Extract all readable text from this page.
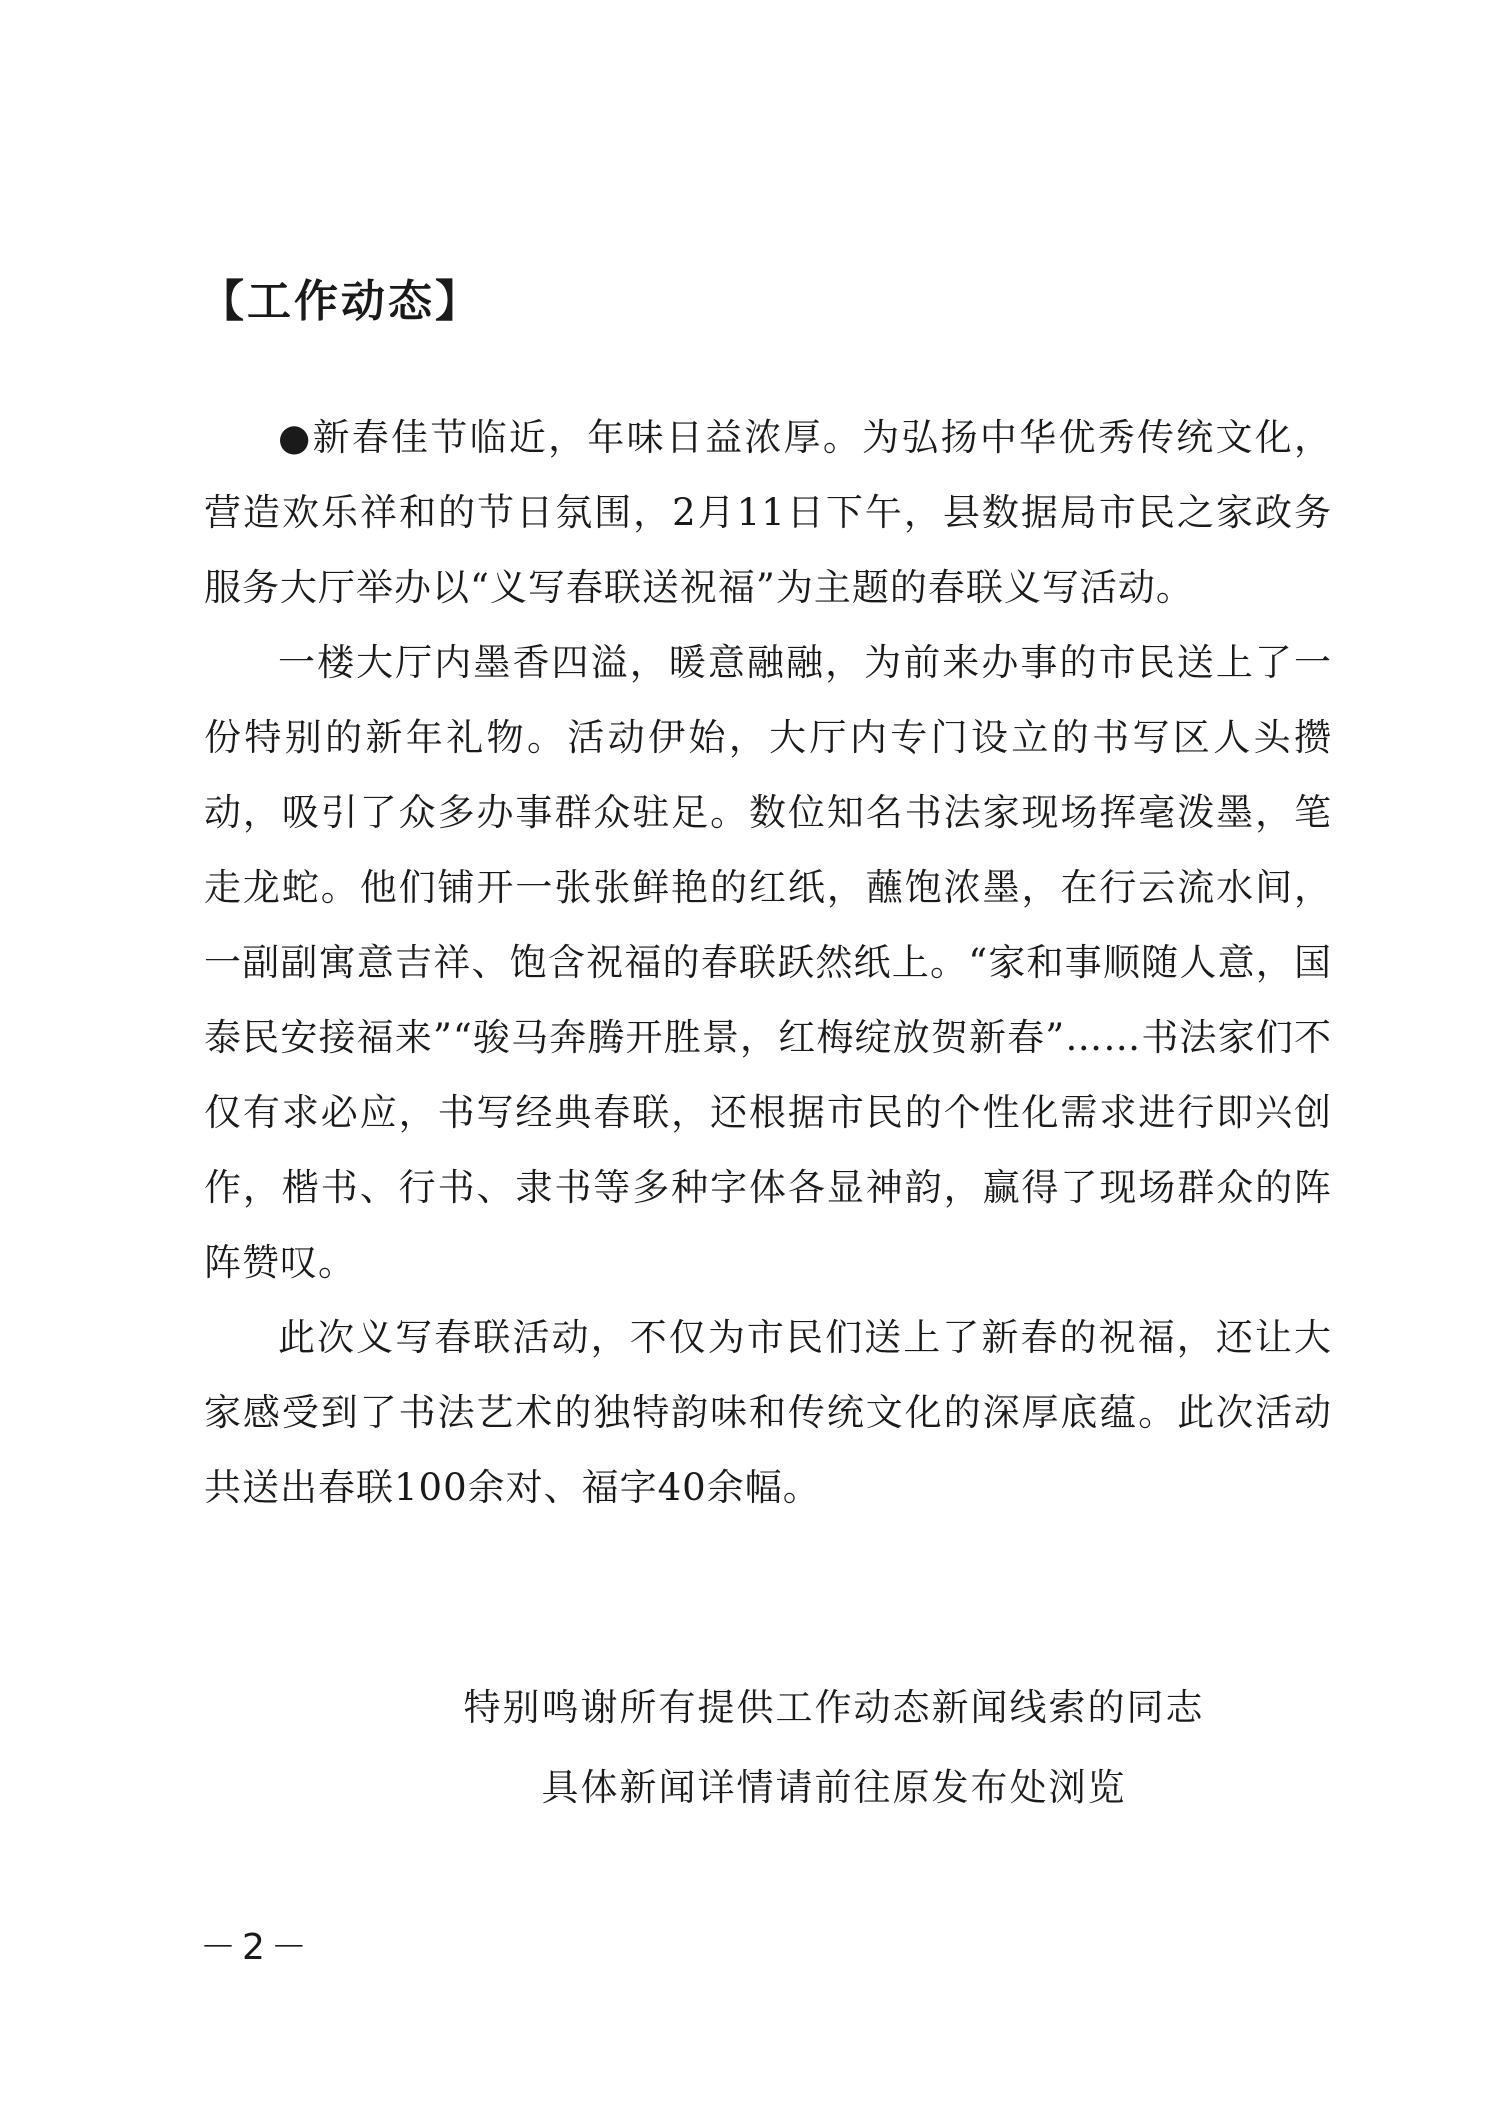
【工作动态】

●新春佳节临近，年味日益浓厚。为弘扬中华优秀传统文化，营造欢乐祥和的节日氛围，2月11日下午，县数据局市民之家政务服务大厅举办以“义写春联送祝福”为主题的春联义写活动。

一楼大厅内墨香四溢，暖意融融，为前来办事的市民送上了一份特别的新年礼物。活动伊始，大厅内专门设立的书写区人头攒动，吸引了众多办事群众驻足。数位知名书法家现场挥毫泼墨，笔走龙蛇。他们铺开一张张鲜艳的红纸，蘸饱浓墨，在行云流水间，一副副寓意吉祥、饱含祝福的春联跃然纸上。“家和事顺随人意，国泰民安接福来”“骏马奔腾开胜景，红梅绽放贺新春”……书法家们不仅有求必应，书写经典春联，还根据市民的个性化需求进行即兴创作，楷书、行书、隶书等多种字体各显神韵，赢得了现场群众的阵阵赞叹。

此次义写春联活动，不仅为市民们送上了新春的祝福，还让大家感受到了书法艺术的独特韵味和传统文化的深厚底蕴。此次活动共送出春联100余对、福字40余幅。

特别鸣谢所有提供工作动态新闻线索的同志

具体新闻详情请前往原发布处浏览

－2－
